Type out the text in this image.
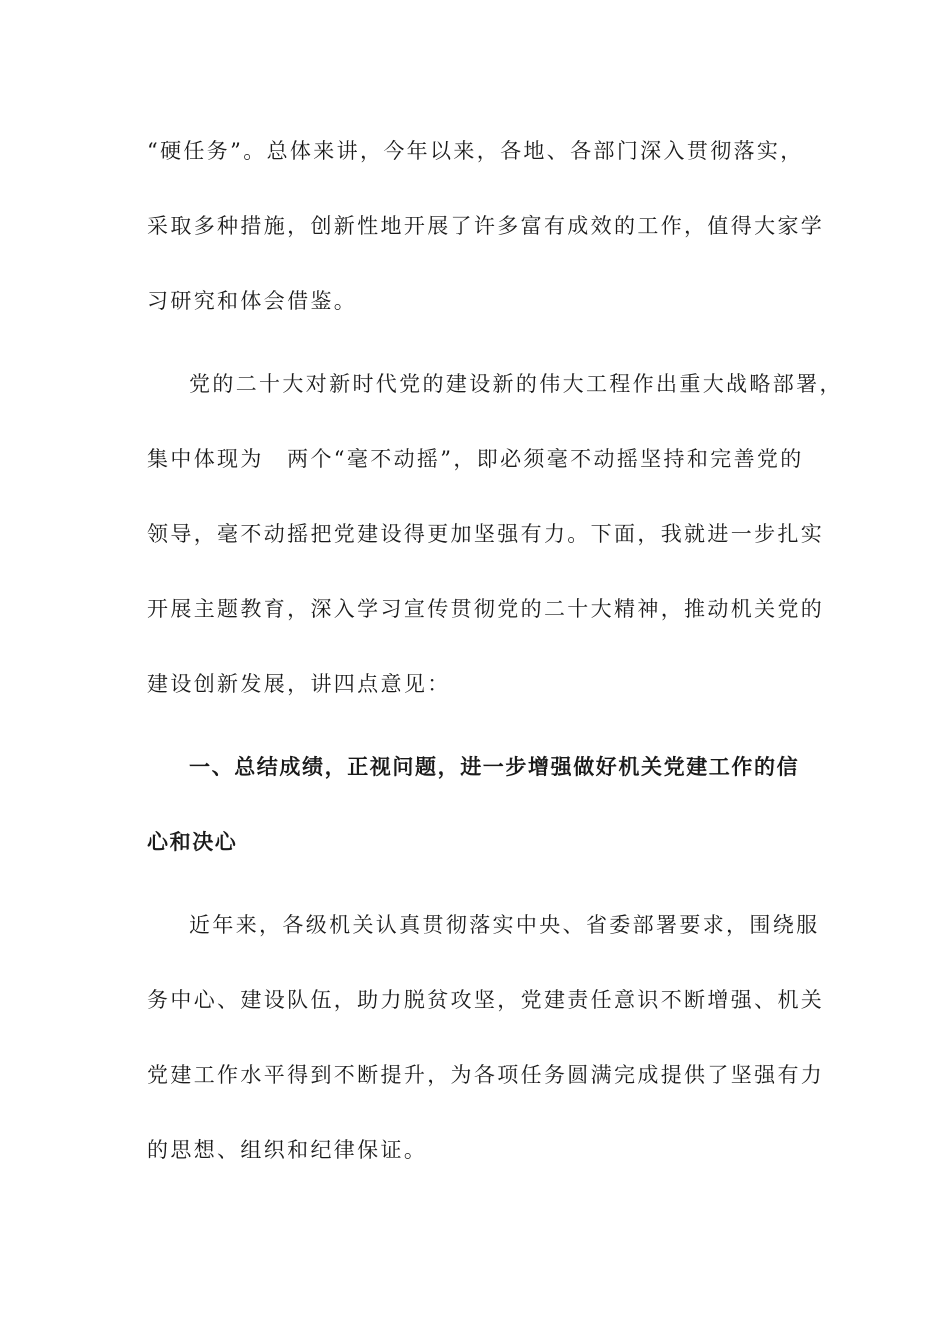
“硬任务”。总体来讲，今年以来，各地、各部门深入贯彻落实，
采取多种措施，创新性地开展了许多富有成效的工作，值得大家学
习研究和体会借鉴。
党的二十大对新时代党的建设新的伟大工程作出重大战略部署，
集中体现为　两个“毫不动摇”，即必须毫不动摇坚持和完善党的
领导，毫不动摇把党建设得更加坚强有力。下面，我就进一步扎实
开展主题教育，深入学习宣传贯彻党的二十大精神，推动机关党的
建设创新发展，讲四点意见：
一、总结成绩，正视问题，进一步增强做好机关党建工作的信
心和决心
近年来，各级机关认真贯彻落实中央、省委部署要求，围绕服
务中心、建设队伍，助力脱贫攻坚，党建责任意识不断增强、机关
党建工作水平得到不断提升，为各项任务圆满完成提供了坚强有力
的思想、组织和纪律保证。
